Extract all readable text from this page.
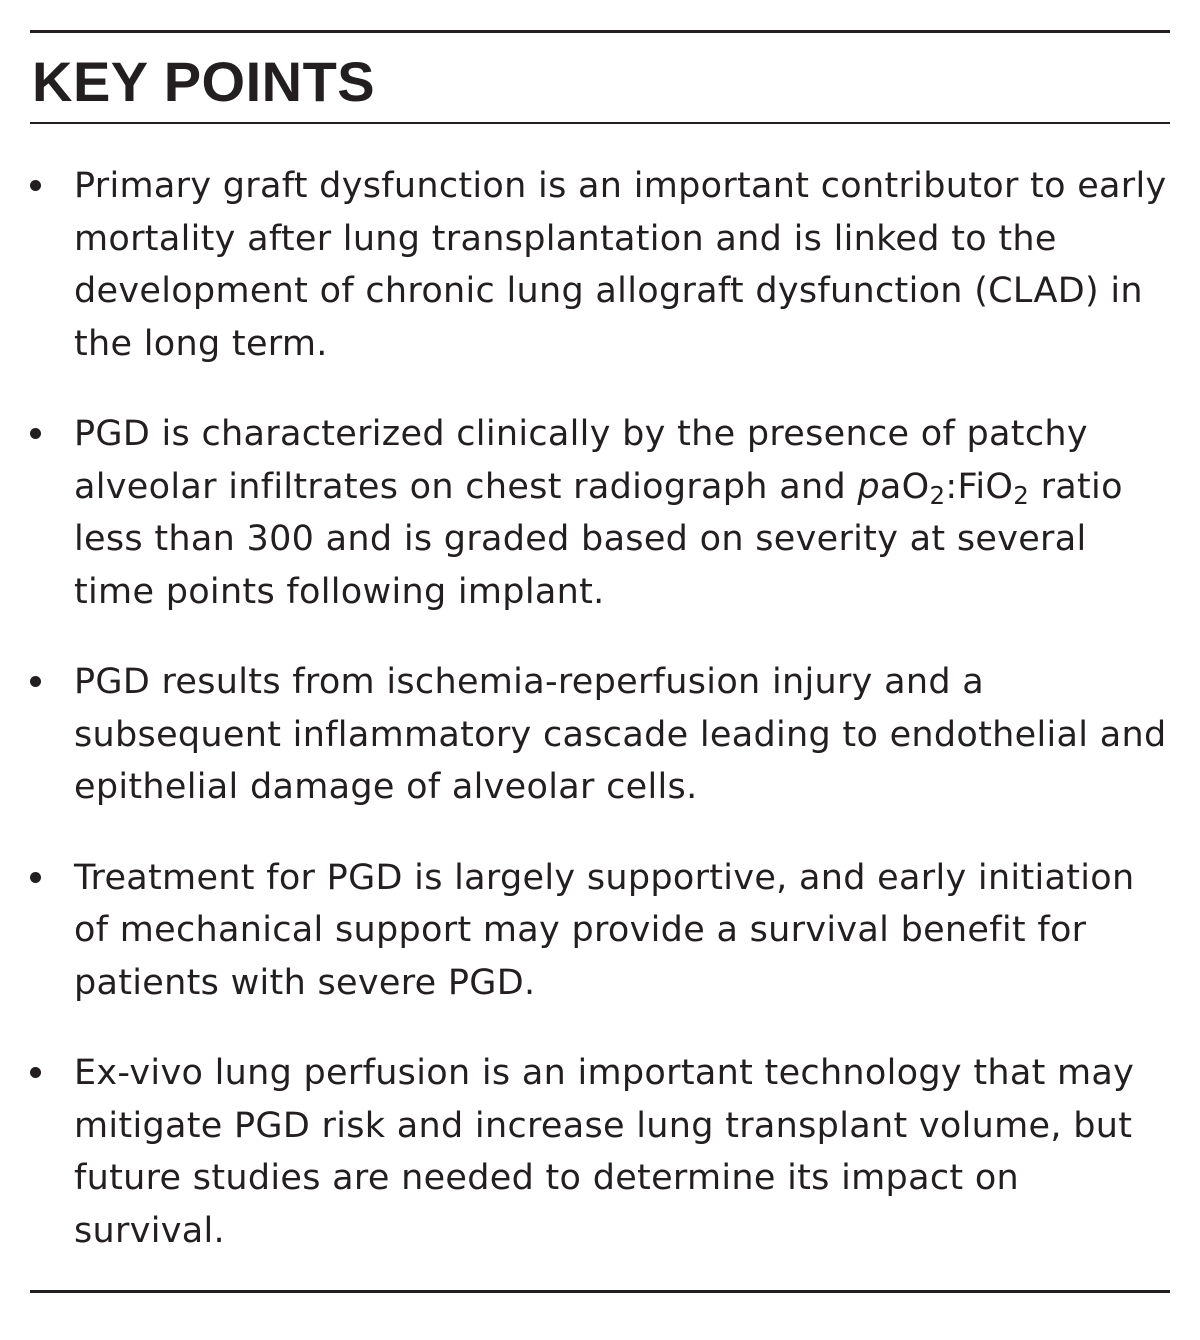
KEY POINTS
Primary graft dysfunction is an important contributor to early mortality after lung transplantation and is linked to the development of chronic lung allograft dysfunction (CLAD) in the long term.
PGD is characterized clinically by the presence of patchy alveolar infiltrates on chest radiograph and paO$_2$:FiO$_2$ ratio less than 300 and is graded based on severity at several time points following implant.
PGD results from ischemia-reperfusion injury and a subsequent inflammatory cascade leading to endothelial and epithelial damage of alveolar cells.
Treatment for PGD is largely supportive, and early initiation of mechanical support may provide a survival benefit for patients with severe PGD.
Ex-vivo lung perfusion is an important technology that may mitigate PGD risk and increase lung transplant volume, but future studies are needed to determine its impact on survival.
